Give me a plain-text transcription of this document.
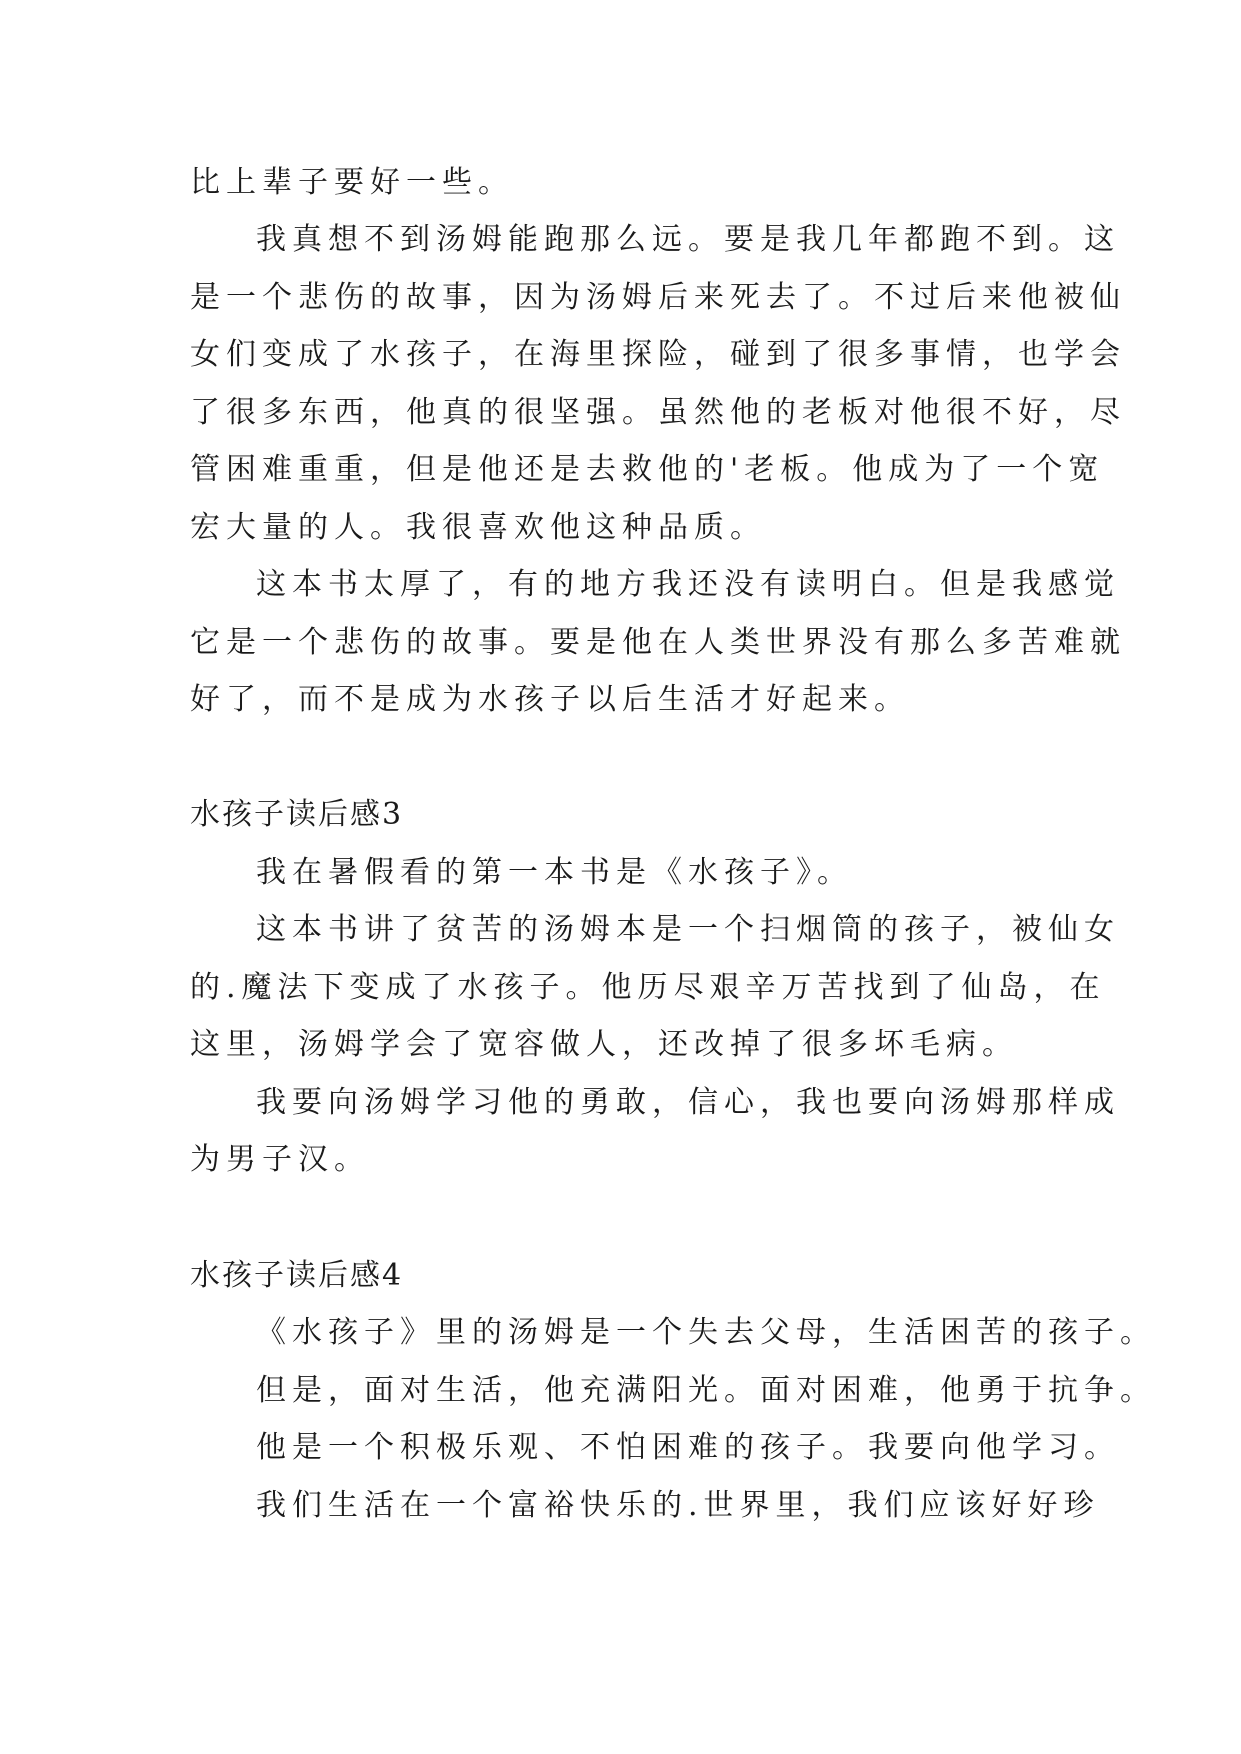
比上辈子要好一些。

我真想不到汤姆能跑那么远。要是我几年都跑不到。这

是一个悲伤的故事，因为汤姆后来死去了。不过后来他被仙

女们变成了水孩子，在海里探险，碰到了很多事情，也学会

了很多东西，他真的很坚强。虽然他的老板对他很不好，尽

管困难重重，但是他还是去救他的'老板。他成为了一个宽

宏大量的人。我很喜欢他这种品质。

这本书太厚了，有的地方我还没有读明白。但是我感觉

它是一个悲伤的故事。要是他在人类世界没有那么多苦难就

好了，而不是成为水孩子以后生活才好起来。

水孩子读后感3

我在暑假看的第一本书是《水孩子》。

这本书讲了贫苦的汤姆本是一个扫烟筒的孩子，被仙女

的.魔法下变成了水孩子。他历尽艰辛万苦找到了仙岛，在

这里，汤姆学会了宽容做人，还改掉了很多坏毛病。

我要向汤姆学习他的勇敢，信心，我也要向汤姆那样成

为男子汉。

水孩子读后感4

《水孩子》里的汤姆是一个失去父母，生活困苦的孩子。

但是，面对生活，他充满阳光。面对困难，他勇于抗争。

他是一个积极乐观、不怕困难的孩子。我要向他学习。

我们生活在一个富裕快乐的.世界里，我们应该好好珍
